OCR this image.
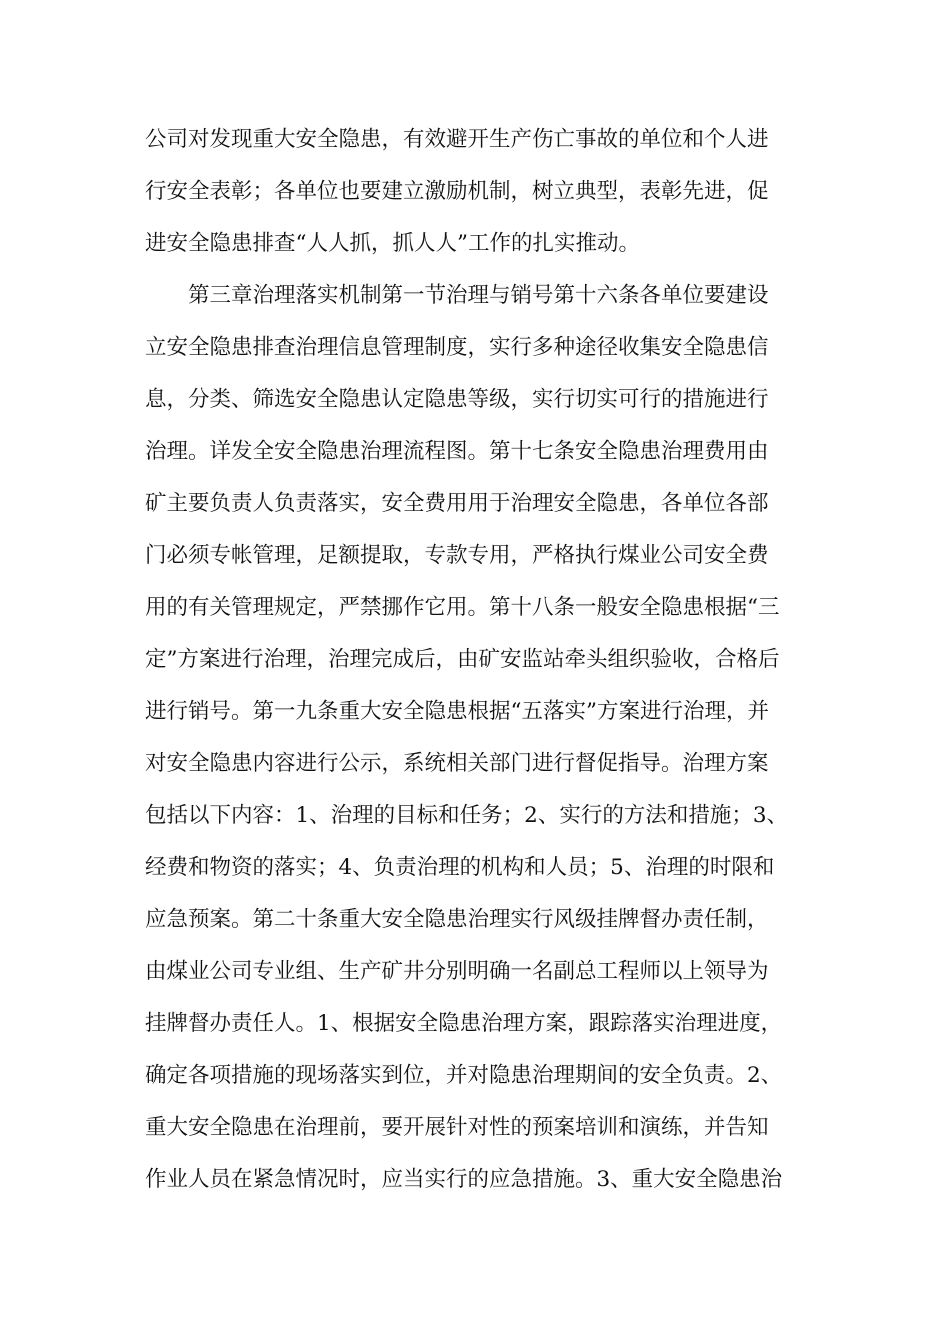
公司对发现重大安全隐患，有效避开生产伤亡事故的单位和个人进
行安全表彰；各单位也要建立激励机制，树立典型，表彰先进，促
进安全隐患排查“人人抓，抓人人”工作的扎实推动。
　　第三章治理落实机制第一节治理与销号第十六条各单位要建设
立安全隐患排查治理信息管理制度，实行多种途径收集安全隐患信
息，分类、筛选安全隐患认定隐患等级，实行切实可行的措施进行
治理。详发全安全隐患治理流程图。第十七条安全隐患治理费用由
矿主要负责人负责落实，安全费用用于治理安全隐患，各单位各部
门必须专帐管理，足额提取，专款专用，严格执行煤业公司安全费
用的有关管理规定，严禁挪作它用。第十八条一般安全隐患根据“三
定”方案进行治理，治理完成后，由矿安监站牵头组织验收，合格后
进行销号。第一九条重大安全隐患根据“五落实”方案进行治理，并
对安全隐患内容进行公示，系统相关部门进行督促指导。治理方案
包括以下内容：1、治理的目标和任务；2、实行的方法和措施；3、
经费和物资的落实；4、负责治理的机构和人员；5、治理的时限和
应急预案。第二十条重大安全隐患治理实行风级挂牌督办责任制，
由煤业公司专业组、生产矿井分别明确一名副总工程师以上领导为
挂牌督办责任人。1、根据安全隐患治理方案，跟踪落实治理进度，
确定各项措施的现场落实到位，并对隐患治理期间的安全负责。2、
重大安全隐患在治理前，要开展针对性的预案培训和演练，并告知
作业人员在紧急情况时，应当实行的应急措施。3、重大安全隐患治
